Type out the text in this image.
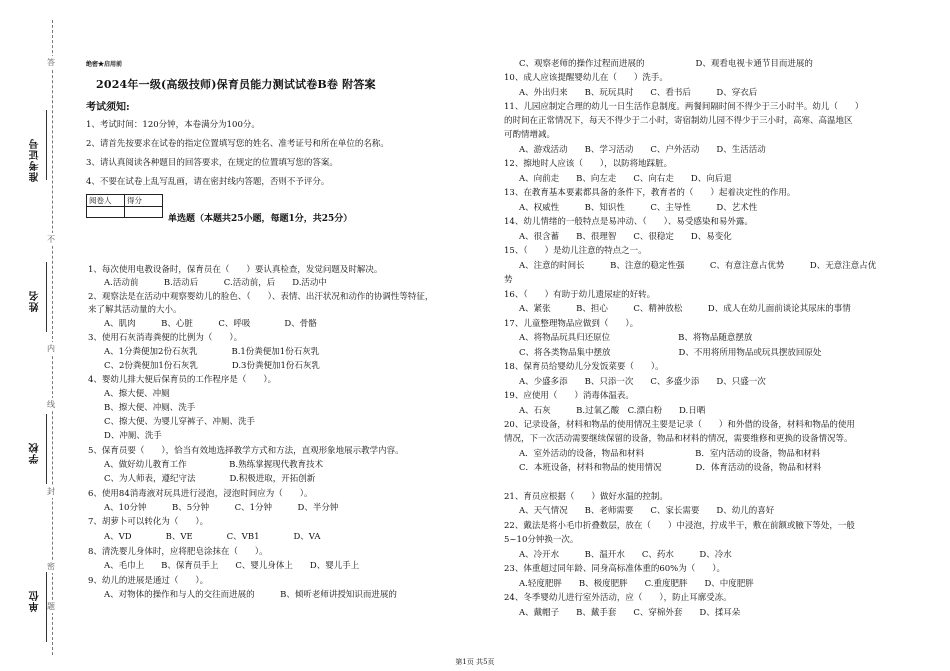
答
准考证号
不
姓名
内
线
学校
封
密
单位 题
绝密★启用前
2024年一级(高级技师)保育员能力测试试卷B卷 附答案
考试须知:
1、考试时间：120分钟，本卷满分为100分。
2、请首先按要求在试卷的指定位置填写您的姓名、准考证号和所在单位的名称。
3、请认真阅读各种题目的回答要求，在规定的位置填写您的答案。
4、不要在试卷上乱写乱画，请在密封线内答题，否则不予评分。
阅卷人	得分

单选题（本题共25小题，每题1分，共25分）
1、每次使用电教设备时，保育员在（　　）要认真检查，发觉问题及时解决。
A.活动前　　　B.活动后　　　C.活动前，后　　D.活动中
2、观察法是在活动中观察婴幼儿的脸色、（　　）、表情、出汗状况和动作的协调性等特征，
来了解其活动量的大小。
A、肌肉　　　B、心脏　　　C、呼吸　　　　D、骨骼
3、使用石灰消毒粪便的比例为（　　）。
A、1分粪便加2份石灰乳　　　　B.1份粪便加1份石灰乳
C、2份粪便加1份石灰乳　　　　D.3份粪便加1份石灰乳
4、婴幼儿排大便后保育员的工作程序是（　　）。
A、擦大便、冲厕
B、擦大便、冲厕、洗手
C、擦大便、为婴儿穿裤子、冲厕、洗手
D、冲厕、洗手
5、保育员要（　　），恰当有效地选择教学方式和方法，直观形象地展示教学内容。
A、做好幼儿教育工作　　　　　B.熟练掌握现代教育技术
C、为人师表，遵纪守法　　　　D.积极进取，开拓创新
6、使用84消毒液对玩具进行浸泡，浸泡时间应为（　　）。
A、10分钟　　　B、5分钟　　　C、1分钟　　　D、半分钟
7、胡萝卜可以转化为（　　）。
A、VD　　　　B、VE　　　　C、VB1　　　　D、VA
8、清洗婴儿身体时，应将肥皂涂抹在（　　）。
A、毛巾上　　B、保育员手上　　C、婴儿身体上　　D、婴儿手上
9、幼儿的进展是通过（　　）。
A、对物体的操作和与人的交往而进展的　　　B、倾听老师讲授知识而进展的
C、观察老师的操作过程而进展的　　　　　　D、观看电视卡通节目而进展的
10、成人应该提醒婴幼儿在（　　）洗手。
A、外出归来　　B、玩玩具时　　C、看书后　　　D、穿衣后
11、儿园应制定合理的幼儿一日生活作息制度。两餐间隔时间不得少于三小时半。幼儿（　　）
的时间在正常情况下，每天不得少于二小时，寄宿制幼儿园不得少于三小时，高寒、高温地区
可酌情增减。
A、游戏活动　　B、学习活动　　C、户外活动　　D、生活活动
12、擦地时人应该（　　），以防将地踩脏。
A、向前走　　B、向左走　　C、向右走　　D、向后退
13、在教育基本要素都具备的条件下，教育者的（　　）起着决定性的作用。
A、权威性　　　B、知识性　　　C、主导性　　　D、艺术性
14、幼儿情绪的一般特点是易冲动、（　　）、易受感染和易外露。
A、很含蓄　　B、很理智　　C、很稳定　　D、易变化
15、（　　）是幼儿注意的特点之一。
A、注意的时间长　　　B、注意的稳定性强　　　C、有意注意占优势　　　D、无意注意占优
势
16、（　　）有助于幼儿遗尿症的好转。
A、紧张　　　B、担心　　　C、精神放松　　　D、成人在幼儿面前谈论其尿床的事情
17、儿童整理物品应做到（　　）。
A、将物品玩具归还原位　　　　　　　　B、将物品随意摆放
C、将各类物品集中摆放　　　　　　　　D、不用将所用物品或玩具摆放回原处
18、保育员给婴幼儿分发饭菜要（　　）。
A、少盛多添　　B、只添一次　　C、多盛少添　　D、只盛一次
19、应使用（　　）消毒体温表。
A、石灰　　　B.过氧乙酸　C.漂白粉　　D.日晒
20、记录设备，材料和物品的使用情况主要是记录（　　）和外借的设备，材料和物品的使用
情况，下一次活动需要继续保留的设备，物品和材料的情况，需要维修和更换的设备情况等。
A．室外活动的设备，物品和材料　　　　　　B．室内活动的设备，物品和材料
C．本班设备，材料和物品的使用情况　　　　D．体育活动的设备，物品和材料
21、育员应根据（　　）做好水温的控制。
A、天气情况　　B、老师需要　　C、家长需要　　D、幼儿的喜好
22、戴法是将小毛巾折叠数层，放在（　　）中浸泡，拧成半干，敷在前额或腋下等处，一般
5~10分钟换一次。
A、冷开水　　　B、温开水　　C、药水　　　D、冷水
23、体重超过同年龄、同身高标准体重的60%为（　　）。
A.轻度肥胖　　B、极度肥胖　　C.重度肥胖　　D、中度肥胖
24、冬季婴幼儿进行室外活动，应（　　），防止耳廓受冻。
A、戴帽子　　B、戴手套　　C、穿棉外套　　D、揉耳朵
第1页 共5页
